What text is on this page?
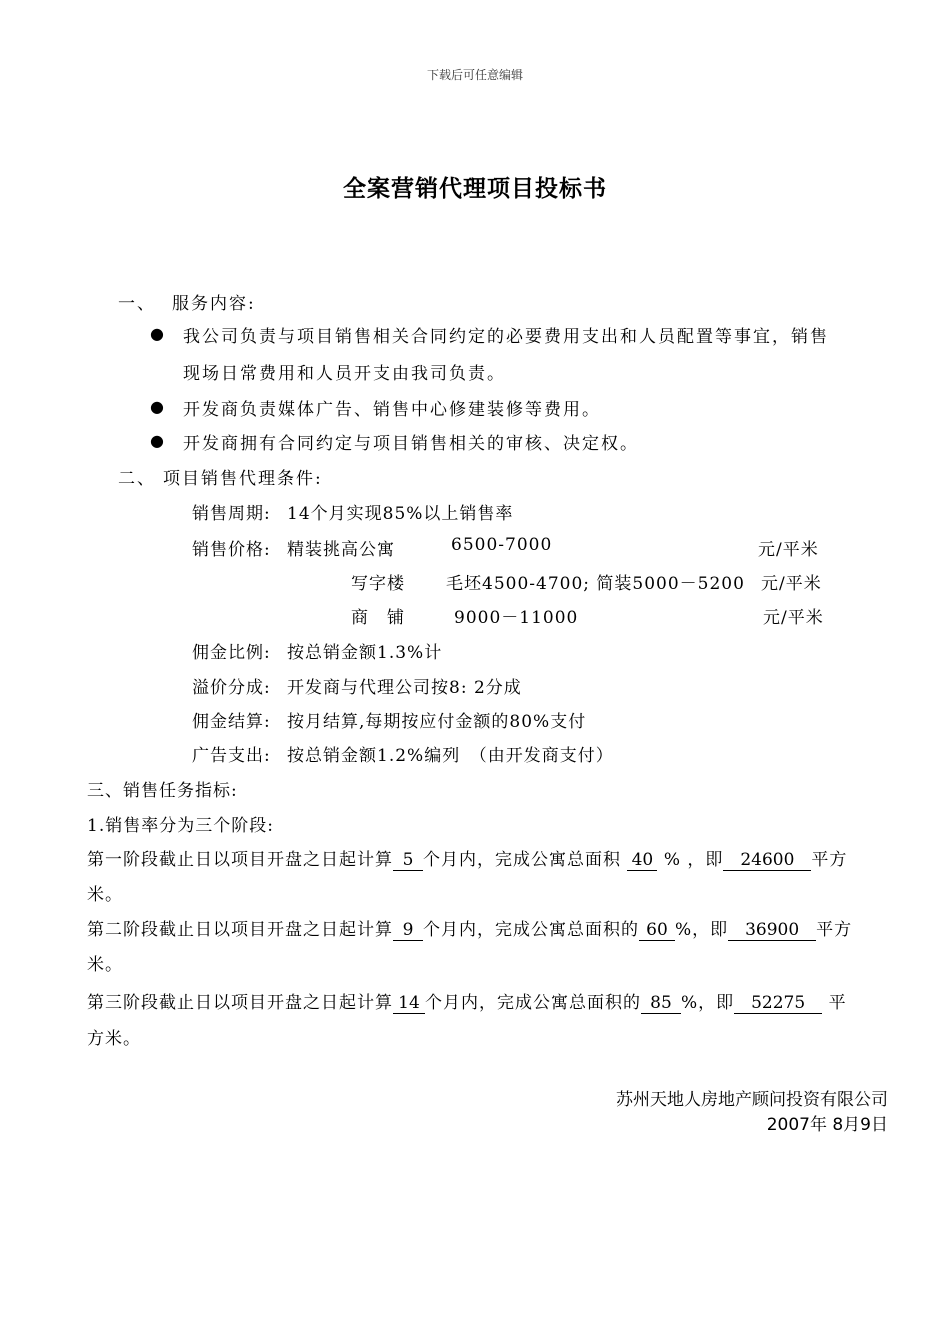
下载后可任意编辑
全案营销代理项目投标书
一、 服务内容:
● 我公司负责与项目销售相关合同约定的必要费用支出和人员配置等事宜，销售
现场日常费用和人员开支由我司负责。
● 开发商负责媒体广告、销售中心修建装修等费用。
● 开发商拥有合同约定与项目销售相关的审核、决定权。
二、 项目销售代理条件:
销售周期: 14个月实现85%以上销售率
销售价格: 精装挑高公寓	6500-7000	元/平米
写字楼 毛坯4500-4700; 简装5000－5200 元/平米
商　铺	9000－11000	元/平米
佣金比例: 按总销金额1.3%计
溢价分成: 开发商与代理公司按8: 2分成
佣金结算: 按月结算,每期按应付金额的80%支付
广告支出: 按总销金额1.2%编列　（由开发商支付）
三、销售任务指标:
1.销售率分为三个阶段:
第一阶段截止日以项目开盘之日起计算 5 个月内，完成公寓总面积 40 % ，即 24600 平方
米。
第二阶段截止日以项目开盘之日起计算 9 个月内，完成公寓总面积的 60 %，即 36900 平方
米。
第三阶段截止日以项目开盘之日起计算 14 个月内，完成公寓总面积的 85 %，即 52275 平
方米。
苏州天地人房地产顾问投资有限公司
2007年 8月9日
